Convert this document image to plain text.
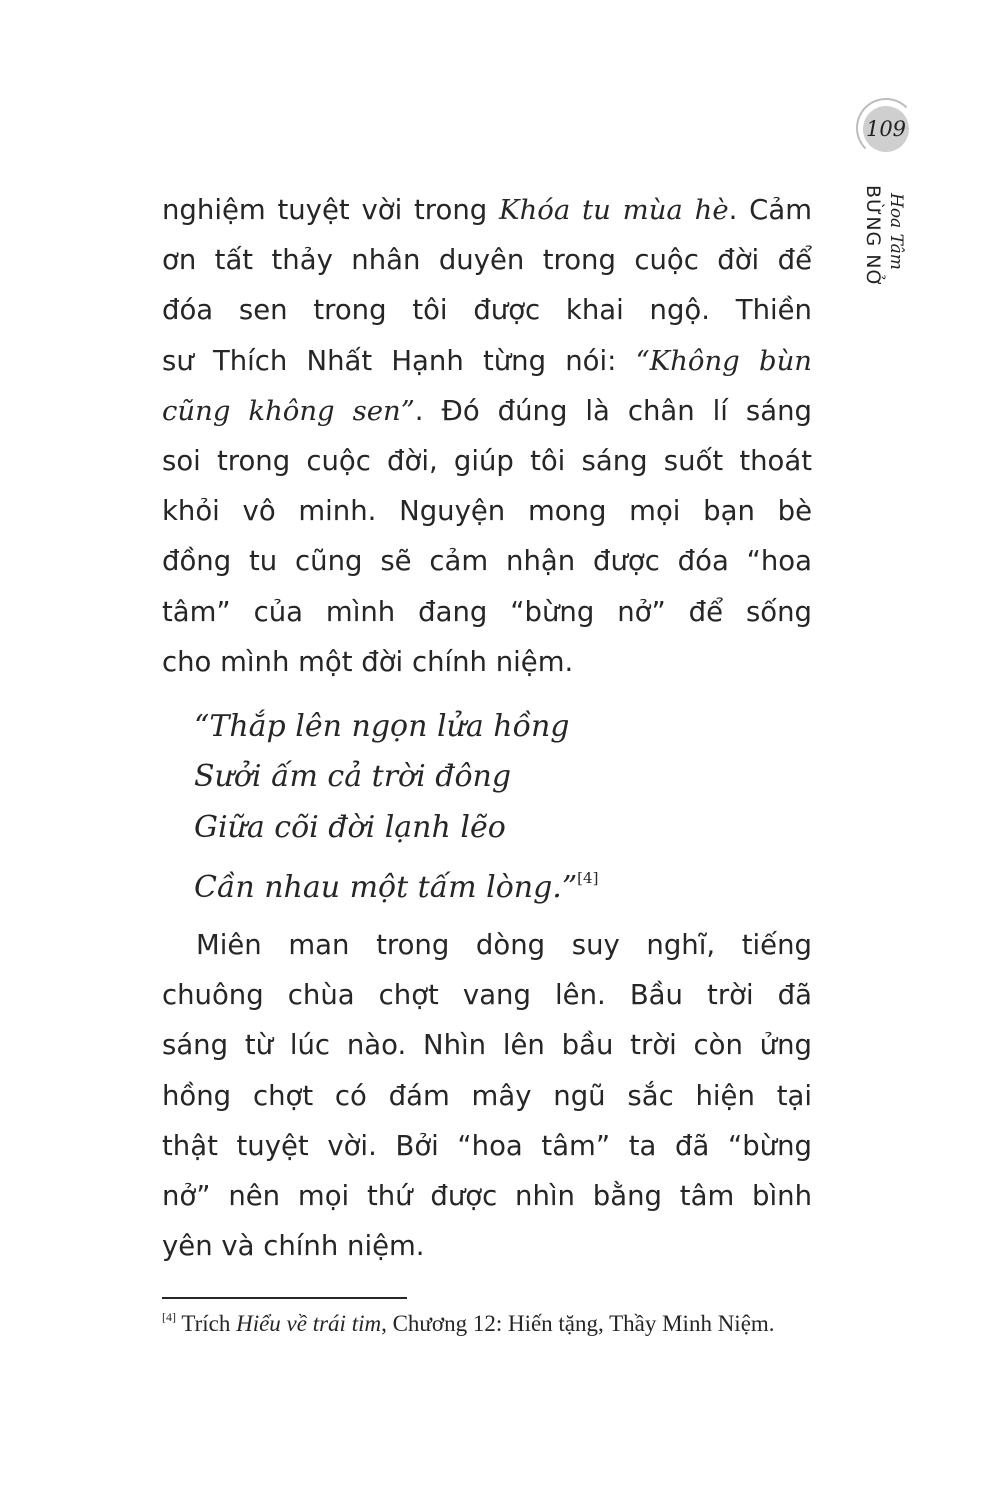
109
BỪNG NỞ Hoa Tâm
nghiệm tuyệt vời trong Khóa tu mùa hè. Cảm
ơn tất thảy nhân duyên trong cuộc đời để
đóa sen trong tôi được khai ngộ. Thiền
sư Thích Nhất Hạnh từng nói: “Không bùn
cũng không sen”. Đó đúng là chân lí sáng
soi trong cuộc đời, giúp tôi sáng suốt thoát
khỏi vô minh. Nguyện mong mọi bạn bè
đồng tu cũng sẽ cảm nhận được đóa “hoa
tâm” của mình đang “bừng nở” để sống
cho mình một đời chính niệm.
“Thắp lên ngọn lửa hồng
Sưởi ấm cả trời đông
Giữa cõi đời lạnh lẽo
Cần nhau một tấm lòng.”[4]
Miên man trong dòng suy nghĩ, tiếng
chuông chùa chợt vang lên. Bầu trời đã
sáng từ lúc nào. Nhìn lên bầu trời còn ửng
hồng chợt có đám mây ngũ sắc hiện tại
thật tuyệt vời. Bởi “hoa tâm” ta đã “bừng
nở” nên mọi thứ được nhìn bằng tâm bình
yên và chính niệm.
[4] Trích Hiểu về trái tim, Chương 12: Hiến tặng, Thầy Minh Niệm.
